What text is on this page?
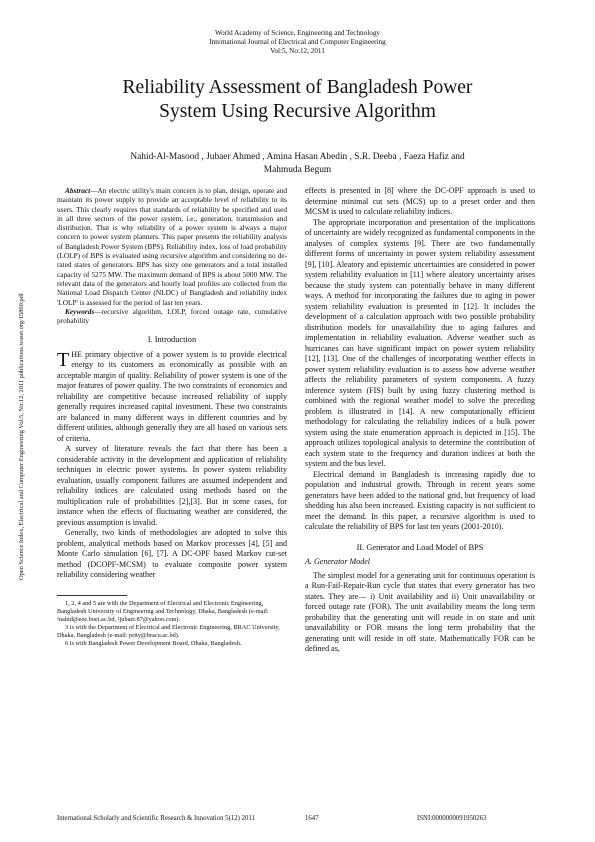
World Academy of Science, Engineering and Technology
International Journal of Electrical and Computer Engineering
Vol:5, No:12, 2011
Reliability Assessment of Bangladesh Power
System Using Recursive Algorithm
Nahid-Al-Masood , Jubaer Ahmed , Amina Hasan Abedin , S.R. Deeba , Faeza Hafiz and
Mahmuda Begum
Open Science Index, Electrical and Computer Engineering Vol:5, No:12, 2011 publications.waset.org/15860.pdf

Abstract—An electric utility's main concern is to plan, design, operate and maintain its power supply to provide an acceptable level of reliability to its users. This clearly requires that standards of reliability be specified and used in all three sectors of the power system, i.e., generation, transmission and distribution. That is why reliability of a power system is always a major concern to power system planners. This paper presents the reliability analysis of Bangladesh Power System (BPS). Reliability index, loss of load probability (LOLP) of BPS is evaluated using recursive algorithm and considering no de-rated states of generators. BPS has sixty one generators and a total installed capacity of 5275 MW. The maximum demand of BPS is about 5000 MW. The relevant data of the generators and hourly load profiles are collected from the National Load Dispatch Center (NLDC) of Bangladesh and reliability index 'LOLP' is assessed for the period of last ten years.

Keywords—recursive algorithm, LOLP, forced outage rate, cumulative probability

I. Introduction

THE primary objective of a power system is to provide electrical energy to its customers as economically as possible with an acceptable margin of quality. Reliability of power system is one of the major features of power quality. The two constraints of economics and reliability are competitive because increased reliability of supply generally requires increased capital investment. These two constraints are balanced in many different ways in different countries and by different utilities, although generally they are all based on various sets of criteria.

A survey of literature reveals the fact that there has been a considerable activity in the development and application of reliability techniques in electric power systems. In power system reliability evaluation, usually component failures are assumed independent and reliability indices are calculated using methods based on the multiplication rule of probabilities [2],[3]. But in some cases, for instance when the effects of fluctuating weather are considered, the previous assumption is invalid.

Generally, two kinds of methodologies are adopted to solve this problem, analytical methods based on Markov processes [4], [5] and Monte Carlo simulation [6], [7]. A DC-OPF based Markov cut-set method (DCOPF-MCSM) to evaluate composite power system reliability considering weather

1, 2, 4 and 5 are with the Department of Electrical and Electronic Engineering, Bangladesh University of Engineering and Technology, Dhaka, Bangladesh (e-mail: ¹nahid@eee.buet.ac.bd, ²jubaer.87@yahoo.com).

3 is with the Department of Electrical and Electronic Engineering, BRAC University, Dhaka, Bangladesh (e-mail: prity@bracu.ac.bd).

6 is with Bangladesh Power Development Board, Dhaka, Bangladesh.

effects is presented in [8] where the DC-OPF approach is used to determine minimal cut sets (MCS) up to a preset order and then MCSM is used to calculate reliability indices.

The appropriate incorporation and presentation of the implications of uncertainty are widely recognized as fundamental components in the analyses of complex systems [9]. There are two fundamentally different forms of uncertainty in power system reliability assessment [9], [10]. Aleatory and epistemic uncertainties are considered in power system reliability evaluation in [11] where aleatory uncertainty arises because the study system can potentially behave in many different ways. A method for incorporating the failures due to aging in power system reliability evaluation is presented in [12]. It includes the development of a calculation approach with two possible probability distribution models for unavailability due to aging failures and implementation in reliability evaluation. Adverse weather such as hurricanes can have significant impact on power system reliability [12], [13]. One of the challenges of incorporating weather effects in power system reliability evaluation is to assess how adverse weather affects the reliability parameters of system components. A fuzzy inference system (FIS) built by using fuzzy clustering method is combined with the regional weather model to solve the preceding problem is illustrated in [14]. A new computationally efficient methodology for calculating the reliability indices of a bulk power system using the state enumeration approach is depicted in [15]. The approach utilizes topological analysis to determine the contribution of each system state to the frequency and duration indices at both the system and the bus level.

Electrical demand in Bangladesh is increasing rapidly due to population and industrial growth. Through in recent years some generators have been added to the national grid, but frequency of load shedding has also been increased. Existing capacity is not sufficient to meet the demand. In this paper, a recursive algorithm is used to calculate the reliability of BPS for last ten years (2001-2010).

II. Generator and Load Model of BPS
A. Generator Model

The simplest model for a generating unit for continuous operation is a Run-Fail-Repair-Run cycle that states that every generator has two states. They are— i) Unit availability and ii) Unit unavailability or forced outage rate (FOR). The unit availability means the long term probability that the generating unit will reside in on state and unit unavailability or FOR means the long term probability that the generating unit will reside in off state. Mathematically FOR can be defined as,

International Scholarly and Scientific Research & Innovation 5(12) 2011	1647	ISNI:0000000091950263
